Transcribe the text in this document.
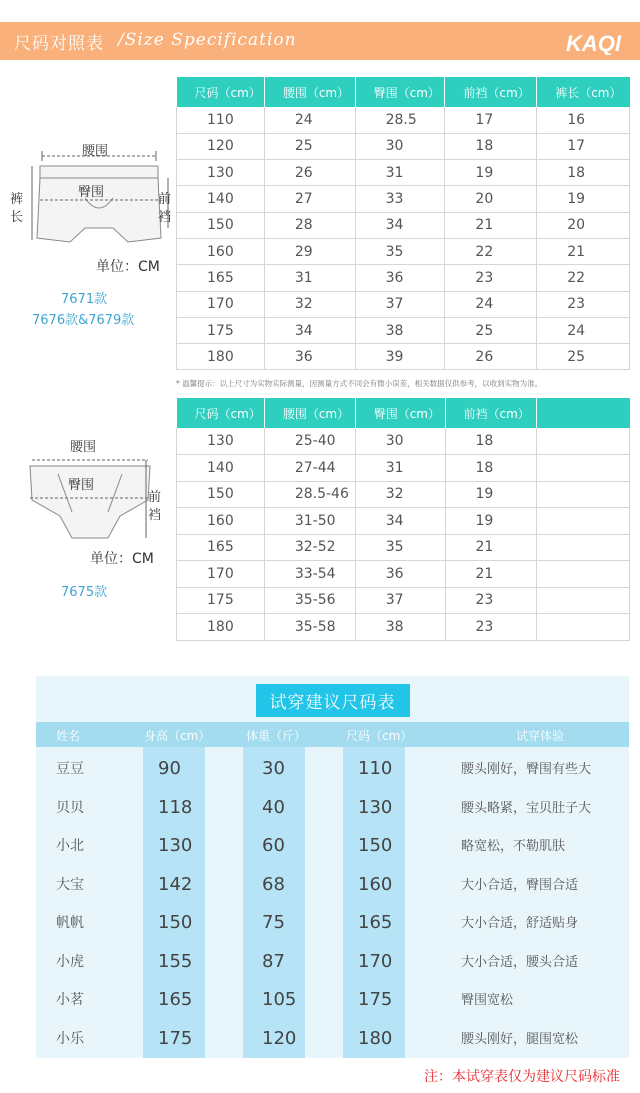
尺码对照表 /Size Specification	KAQI
腰围
臀围
裤
长
前
裆
单位：CM
7671款
7676款&7679款
尺码（cm）	腰围（cm）	臀围（cm）	前裆（cm）	裤长（cm）
110	24	28.5	17	16
120	25	30	18	17
130	26	31	19	18
140	27	33	20	19
150	28	34	21	20
160	29	35	22	21
165	31	36	23	22
170	32	37	24	23
175	34	38	25	24
180	36	39	26	25
* 温馨提示：以上尺寸为实物实际测量，因测量方式不同会有微小误差，相关数据仅供参考，以收到实物为准。
腰围
臀围
前
裆
单位：CM
7675款
尺码（cm）	腰围（cm）	臀围（cm）	前裆（cm）	
130	25-40	30	18	
140	27-44	31	18	
150	28.5-46	32	19	
160	31-50	34	19	
165	32-52	35	21	
170	33-54	36	21	
175	35-56	37	23	
180	35-58	38	23	
试穿建议尺码表
姓名	身高（cm）	体重（斤）	尺码（cm）	试穿体验
豆豆	90	30	110	腰头刚好，臀围有些大
贝贝	118	40	130	腰头略紧，宝贝肚子大
小北	130	60	150	略宽松，不勒肌肤
大宝	142	68	160	大小合适，臀围合适
帆帆	150	75	165	大小合适，舒适贴身
小虎	155	87	170	大小合适，腰头合适
小茗	165	105	175	臀围宽松
小乐	175	120	180	腰头刚好，腿围宽松
注：本试穿表仅为建议尺码标准
